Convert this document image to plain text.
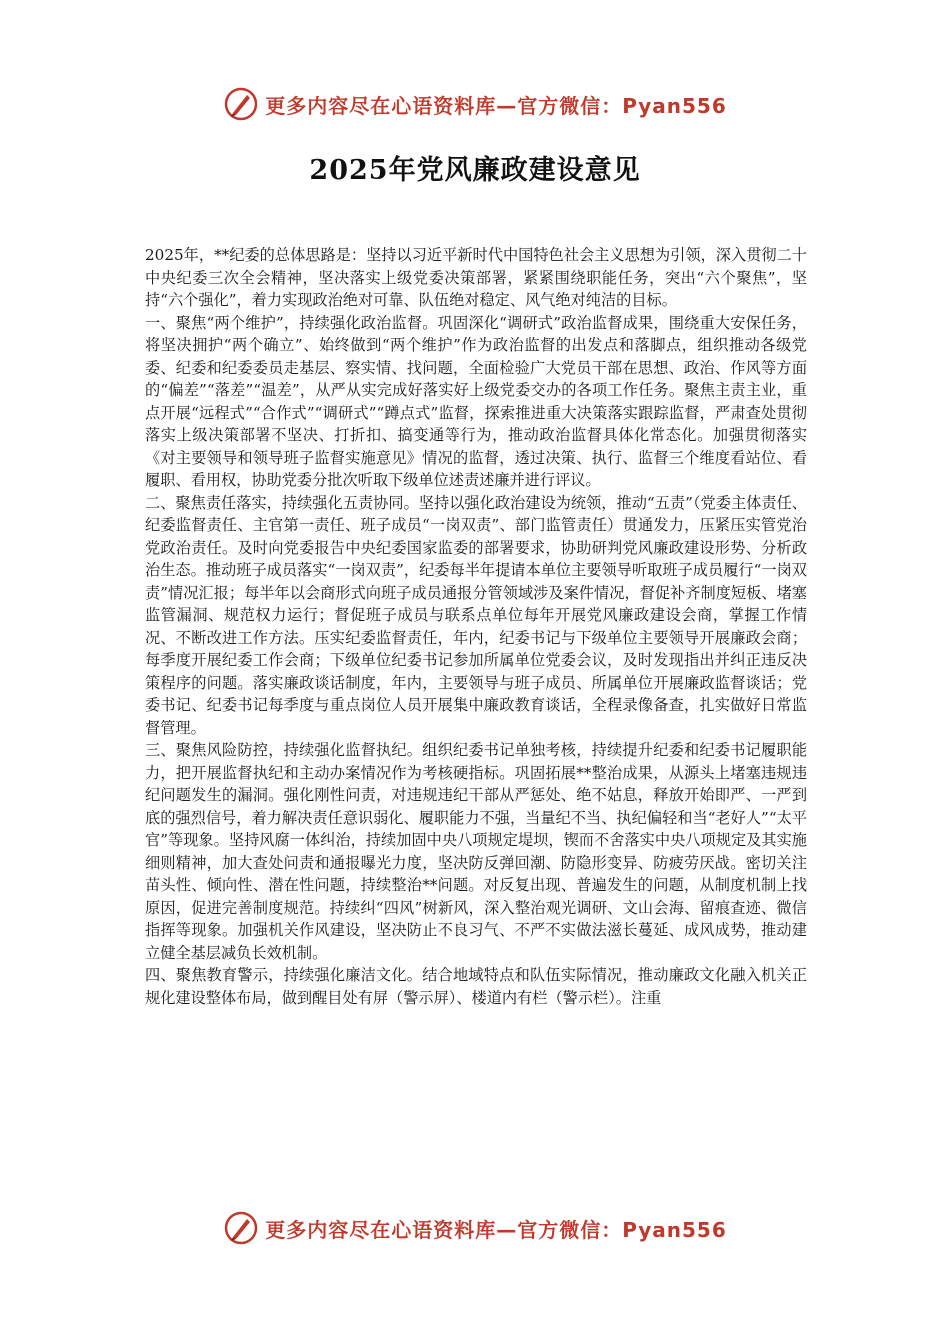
更多内容尽在心语资料库—官方微信：Pyan556
2025年党风廉政建设意见

2025年，**纪委的总体思路是：坚持以习近平新时代中国特色社会主义思想为引领，深入贯彻二十中央纪委三次全会精神，坚决落实上级党委决策部署，紧紧围绕职能任务，突出“六个聚焦”，坚持“六个强化”，着力实现政治绝对可靠、队伍绝对稳定、风气绝对纯洁的目标。

一、聚焦“两个维护”，持续强化政治监督。巩固深化“调研式”政治监督成果，围绕重大安保任务，将坚决拥护“两个确立”、始终做到“两个维护”作为政治监督的出发点和落脚点，组织推动各级党委、纪委和纪委委员走基层、察实情、找问题，全面检验广大党员干部在思想、政治、作风等方面的“偏差”“落差”“温差”，从严从实完成好落实好上级党委交办的各项工作任务。聚焦主责主业，重点开展“远程式”“合作式”“调研式”“蹲点式”监督，探索推进重大决策落实跟踪监督，严肃查处贯彻落实上级决策部署不坚决、打折扣、搞变通等行为，推动政治监督具体化常态化。加强贯彻落实《对主要领导和领导班子监督实施意见》情况的监督，透过决策、执行、监督三个维度看站位、看履职、看用权，协助党委分批次听取下级单位述责述廉并进行评议。

二、聚焦责任落实，持续强化五责协同。坚持以强化政治建设为统领，推动“五责”（党委主体责任、纪委监督责任、主官第一责任、班子成员“一岗双责”、部门监管责任）贯通发力，压紧压实管党治党政治责任。及时向党委报告中央纪委国家监委的部署要求，协助研判党风廉政建设形势、分析政治生态。推动班子成员落实“一岗双责”，纪委每半年提请本单位主要领导听取班子成员履行“一岗双责”情况汇报；每半年以会商形式向班子成员通报分管领域涉及案件情况，督促补齐制度短板、堵塞监管漏洞、规范权力运行；督促班子成员与联系点单位每年开展党风廉政建设会商，掌握工作情况、不断改进工作方法。压实纪委监督责任，年内，纪委书记与下级单位主要领导开展廉政会商；每季度开展纪委工作会商；下级单位纪委书记参加所属单位党委会议，及时发现指出并纠正违反决策程序的问题。落实廉政谈话制度，年内，主要领导与班子成员、所属单位开展廉政监督谈话；党委书记、纪委书记每季度与重点岗位人员开展集中廉政教育谈话，全程录像备查，扎实做好日常监督管理。

三、聚焦风险防控，持续强化监督执纪。组织纪委书记单独考核，持续提升纪委和纪委书记履职能力，把开展监督执纪和主动办案情况作为考核硬指标。巩固拓展**整治成果，从源头上堵塞违规违纪问题发生的漏洞。强化刚性问责，对违规违纪干部从严惩处、绝不姑息，释放开始即严、一严到底的强烈信号，着力解决责任意识弱化、履职能力不强，当量纪不当、执纪偏轻和当“老好人”“太平官”等现象。坚持风腐一体纠治，持续加固中央八项规定堤坝，锲而不舍落实中央八项规定及其实施细则精神，加大查处问责和通报曝光力度，坚决防反弹回潮、防隐形变异、防疲劳厌战。密切关注苗头性、倾向性、潜在性问题，持续整治**问题。对反复出现、普遍发生的问题，从制度机制上找原因，促进完善制度规范。持续纠“四风”树新风，深入整治观光调研、文山会海、留痕查迹、微信指挥等现象。加强机关作风建设，坚决防止不良习气、不严不实做法滋长蔓延、成风成势，推动建立健全基层减负长效机制。

四、聚焦教育警示，持续强化廉洁文化。结合地域特点和队伍实际情况，推动廉政文化融入机关正规化建设整体布局，做到醒目处有屏（警示屏）、楼道内有栏（警示栏）。注重

更多内容尽在心语资料库—官方微信：Pyan556
